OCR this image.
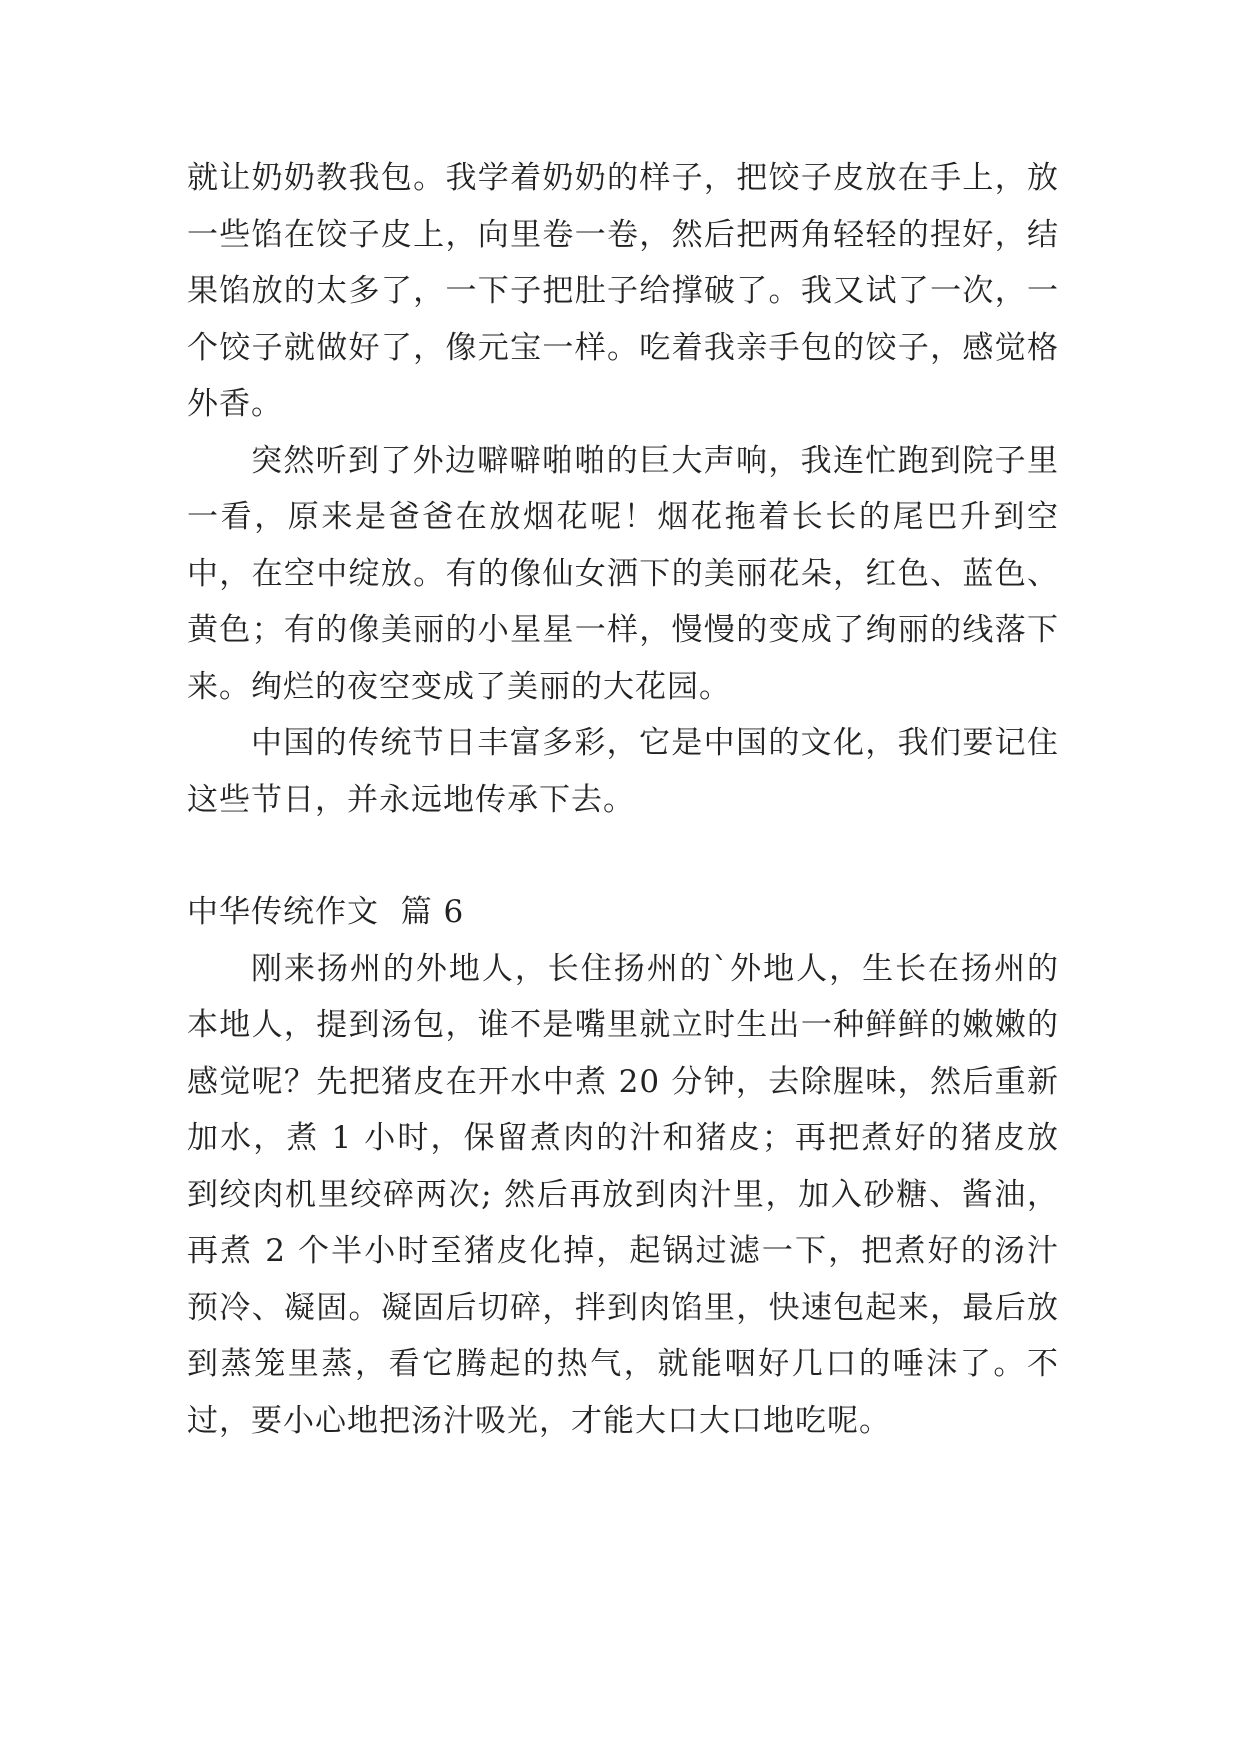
就让奶奶教我包。我学着奶奶的样子，把饺子皮放在手上，放一些馅在饺子皮上，向里卷一卷，然后把两角轻轻的捏好，结果馅放的太多了，一下子把肚子给撑破了。我又试了一次，一个饺子就做好了，像元宝一样。吃着我亲手包的饺子，感觉格外香。

突然听到了外边噼噼啪啪的巨大声响，我连忙跑到院子里一看，原来是爸爸在放烟花呢！烟花拖着长长的尾巴升到空中，在空中绽放。有的像仙女洒下的美丽花朵，红色、蓝色、黄色；有的像美丽的小星星一样，慢慢的变成了绚丽的线落下来。绚烂的夜空变成了美丽的大花园。

中国的传统节日丰富多彩，它是中国的文化，我们要记住这些节日，并永远地传承下去。

中华传统作文  篇 6

刚来扬州的外地人，长住扬州的`外地人，生长在扬州的本地人，提到汤包，谁不是嘴里就立时生出一种鲜鲜的嫩嫩的感觉呢？先把猪皮在开水中煮 20 分钟，去除腥味，然后重新加水，煮 1 小时，保留煮肉的汁和猪皮；再把煮好的猪皮放到绞肉机里绞碎两次; 然后再放到肉汁里，加入砂糖、酱油，再煮 2 个半小时至猪皮化掉，起锅过滤一下，把煮好的汤汁预冷、凝固。凝固后切碎，拌到肉馅里，快速包起来，最后放到蒸笼里蒸，看它腾起的热气，就能咽好几口的唾沫了。不过，要小心地把汤汁吸光，才能大口大口地吃呢。
